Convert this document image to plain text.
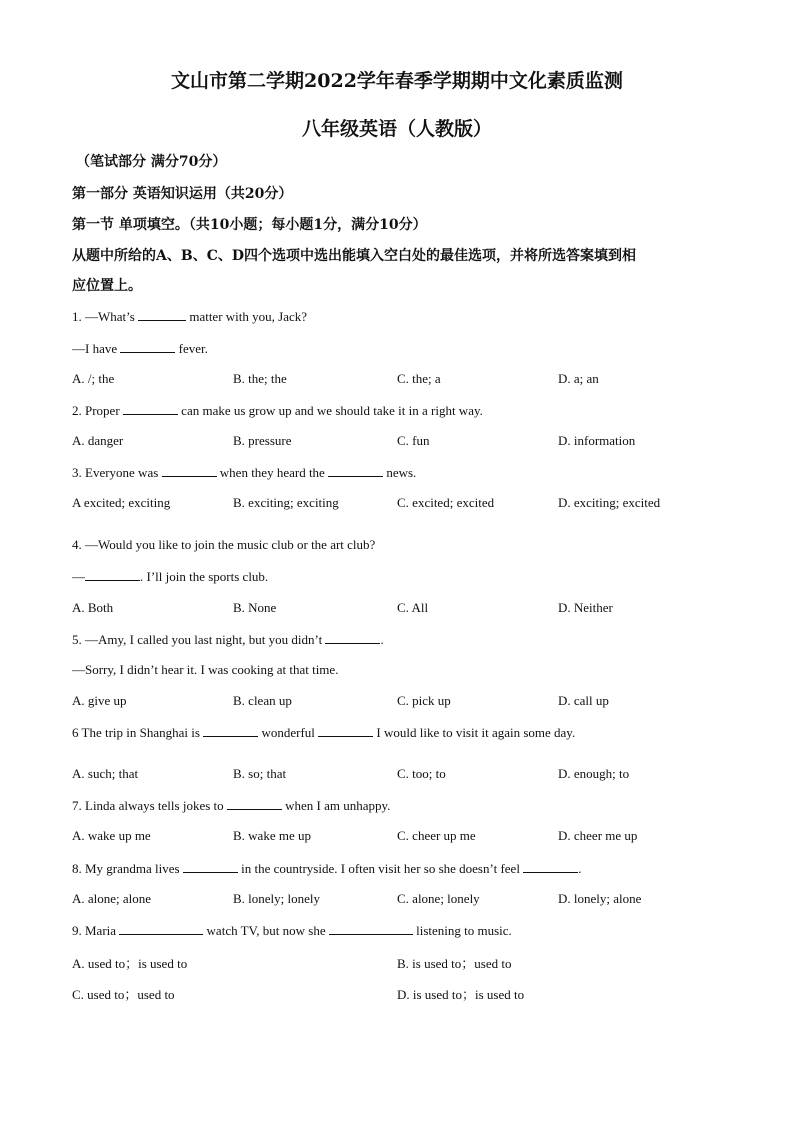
文山市第二学期2022学年春季学期期中文化素质监测
八年级英语（人教版）
（笔试部分 满分70分）
第一部分 英语知识运用（共20分）
第一节 单项填空。（共10小题；每小题1分，满分10分）
从题中所给的A、B、C、D四个选项中选出能填入空白处的最佳选项，并将所选答案填到相
应位置上。
1. —What’s	matter with you, Jack?
—I have	fever.
A. /; the	B. the; the	C. the; a	D. a; an
2. Proper	can make us grow up and we should take it in a right way.
A. danger	B. pressure	C. fun	D. information
3. Everyone was	when they heard the	news.
A excited; exciting	B. exciting; exciting	C. excited; excited	D. exciting; excited
4. —Would you like to join the music club or the art club?
—	. I’ll join the sports club.
A. Both	B. None	C. All	D. Neither
5. —Amy, I called you last night, but you didn’t	.
—Sorry, I didn’t hear it. I was cooking at that time.
A. give up	B. clean up	C. pick up	D. call up
6 The trip in Shanghai is	wonderful	I would like to visit it again some day.
A. such; that	B. so; that	C. too; to	D. enough; to
7. Linda always tells jokes to	when I am unhappy.
A. wake up me	B. wake me up	C. cheer up me	D. cheer me up
8. My grandma lives	in the countryside. I often visit her so she doesn’t feel	.
A. alone; alone	B. lonely; lonely	C. alone; lonely	D. lonely; alone
9. Maria	watch TV, but now she	listening to music.
A. used to；is used to	B. is used to；used to
C. used to；used to	D. is used to；is used to
